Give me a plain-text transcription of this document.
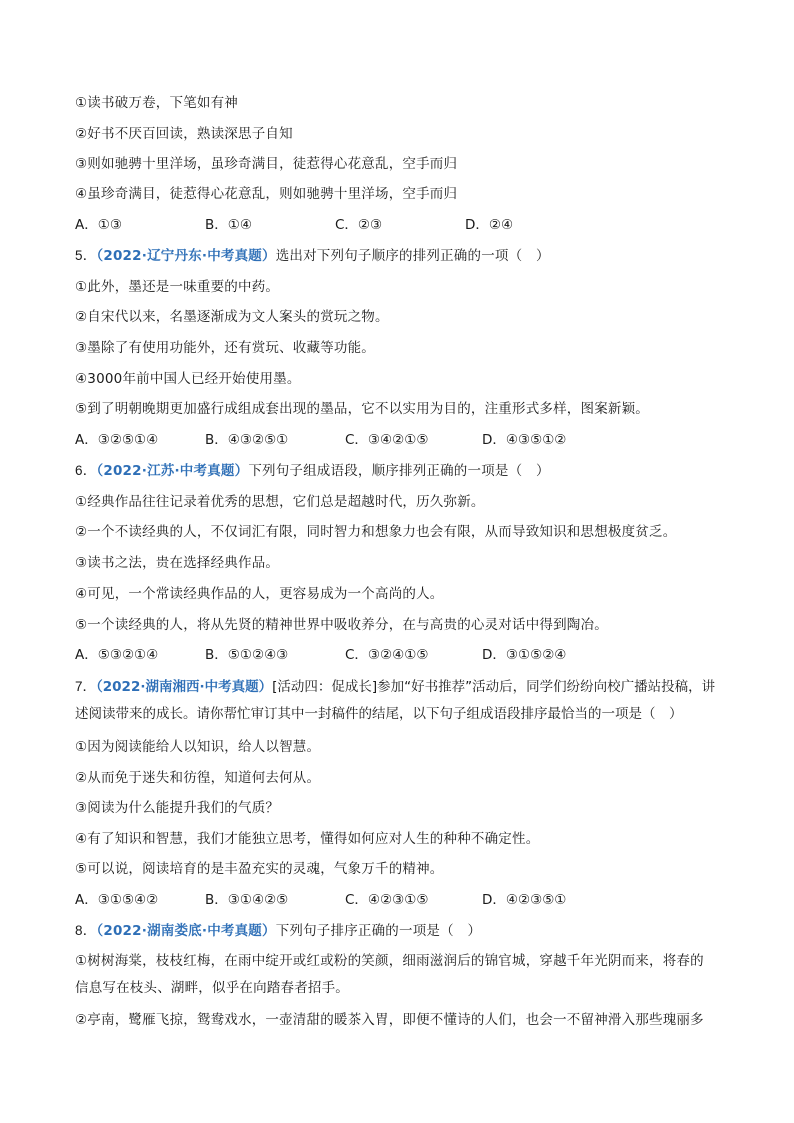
①读书破万卷，下笔如有神
②好书不厌百回读，熟读深思子自知
③则如驰骋十里洋场，虽珍奇满目，徒惹得心花意乱，空手而归
④虽珍奇满目，徒惹得心花意乱，则如驰骋十里洋场，空手而归
A．①③	B．①④	C．②③	D．②④
5．（2022·辽宁丹东·中考真题）选出对下列句子顺序的排列正确的一项（　）
①此外，墨还是一味重要的中药。
②自宋代以来，名墨逐渐成为文人案头的赏玩之物。
③墨除了有使用功能外，还有赏玩、收藏等功能。
④3000年前中国人已经开始使用墨。
⑤到了明朝晚期更加盛行成组成套出现的墨品，它不以实用为目的，注重形式多样，图案新颖。
A．③②⑤①④	B．④③②⑤①	C．③④②①⑤	D．④③⑤①②
6．（2022·江苏·中考真题）下列句子组成语段，顺序排列正确的一项是（　）
①经典作品往往记录着优秀的思想，它们总是超越时代，历久弥新。
②一个不读经典的人，不仅词汇有限，同时智力和想象力也会有限，从而导致知识和思想极度贫乏。
③读书之法，贵在选择经典作品。
④可见，一个常读经典作品的人，更容易成为一个高尚的人。
⑤一个读经典的人，将从先贤的精神世界中吸收养分，在与高贵的心灵对话中得到陶冶。
A．⑤③②①④	B．⑤①②④③	C．③②④①⑤	D．③①⑤②④
7．（2022·湖南湘西·中考真题）[活动四：促成长]参加“好书推荐”活动后，同学们纷纷向校广播站投稿，讲
述阅读带来的成长。请你帮忙审订其中一封稿件的结尾，以下句子组成语段排序最恰当的一项是（　）
①因为阅读能给人以知识，给人以智慧。
②从而免于迷失和彷徨，知道何去何从。
③阅读为什么能提升我们的气质？
④有了知识和智慧，我们才能独立思考，懂得如何应对人生的种种不确定性。
⑤可以说，阅读培育的是丰盈充实的灵魂，气象万千的精神。
A．③①⑤④②	B．③①④②⑤	C．④②③①⑤	D．④②③⑤①
8．（2022·湖南娄底·中考真题）下列句子排序正确的一项是（　）
①树树海棠，枝枝红梅，在雨中绽开或红或粉的笑颜，细雨滋润后的锦官城，穿越千年光阴而来，将春的
信息写在枝头、湖畔，似乎在向踏春者招手。
②亭南，鹭雁飞掠，鸳鸯戏水，一壶清甜的暖茶入胃，即便不懂诗的人们，也会一不留神滑入那些瑰丽多
